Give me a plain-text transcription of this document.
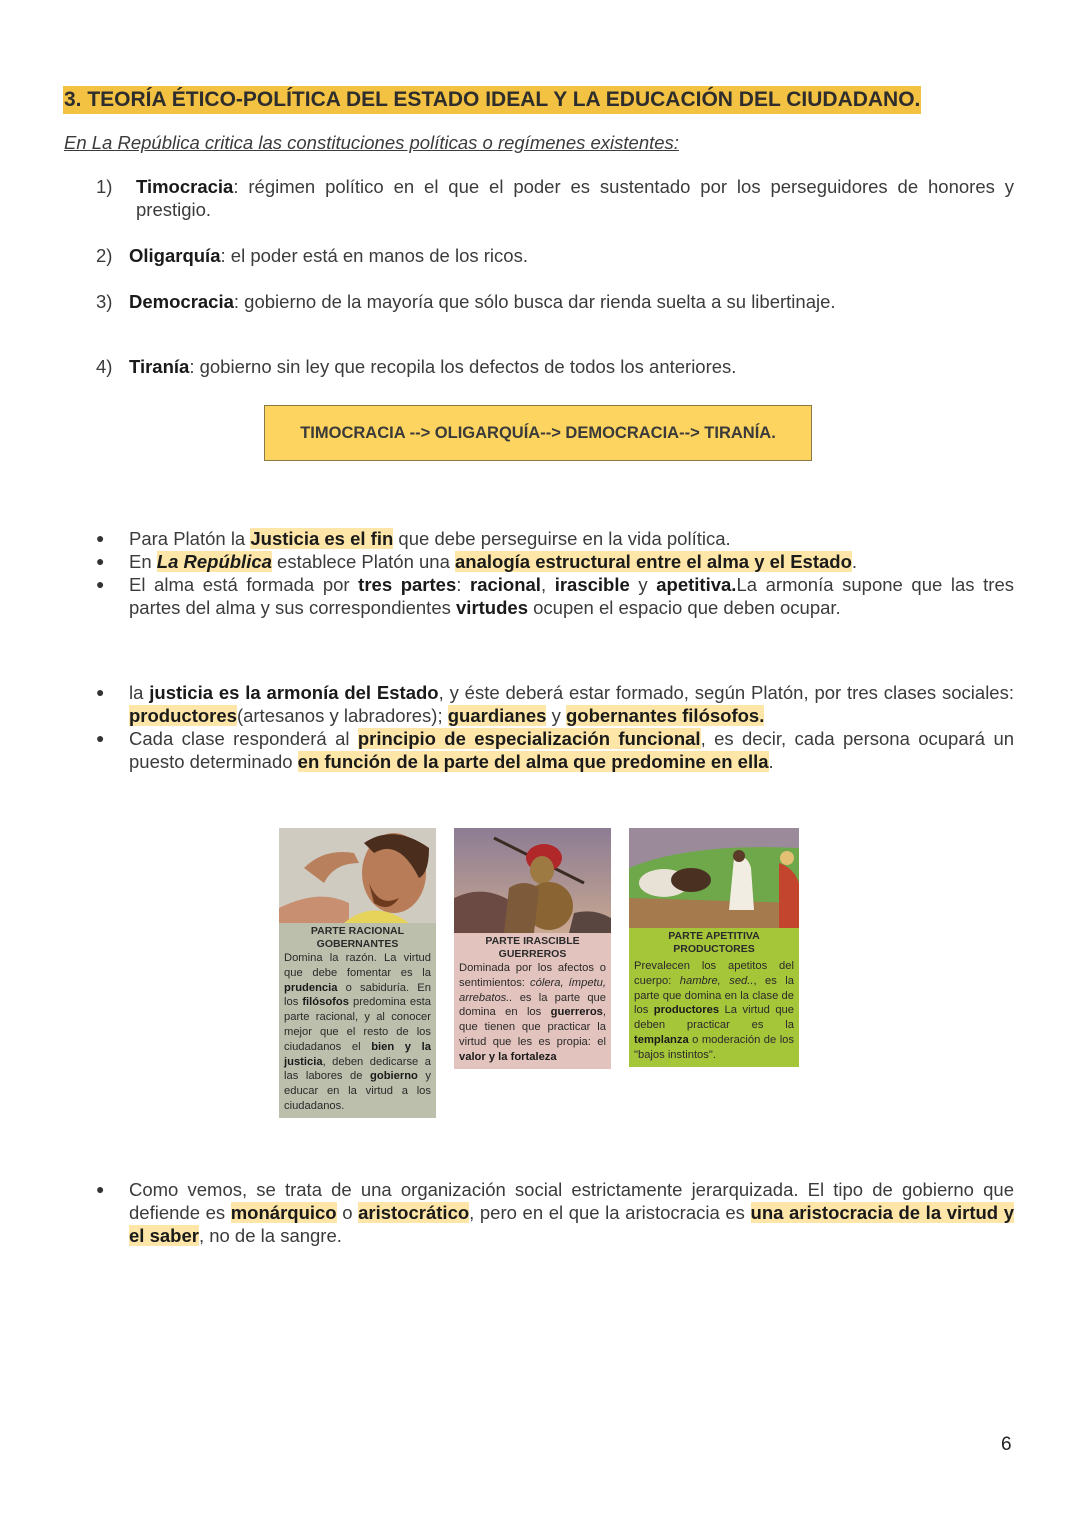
3. TEORÍA ÉTICO-POLÍTICA DEL ESTADO IDEAL Y LA EDUCACIÓN DEL CIUDADANO.
En La República critica las constituciones políticas o regímenes existentes:
1) Timocracia: régimen político en el que el poder es sustentado por los perseguidores de honores y prestigio.
2) Oligarquía: el poder está en manos de los ricos.
3) Democracia: gobierno de la mayoría que sólo busca dar rienda suelta a su libertinaje.
4) Tiranía: gobierno sin ley que recopila los defectos de todos los anteriores.
TIMOCRACIA --> OLIGARQUÍA--> DEMOCRACIA--> TIRANÍA.
● Para Platón la Justicia es el fin que debe perseguirse en la vida política.
● En La República establece Platón una analogía estructural entre el alma y el Estado.
● El alma está formada por tres partes: racional, irascible y apetitiva.La armonía supone que las tres partes del alma y sus correspondientes virtudes ocupen el espacio que deben ocupar.
● la justicia es la armonía del Estado, y éste deberá estar formado, según Platón, por tres clases sociales: productores(artesanos y labradores); guardianes y gobernantes filósofos.
● Cada clase responderá al principio de especialización funcional, es decir, cada persona ocupará un puesto determinado en función de la parte del alma que predomine en ella.
PARTE RACIONAL
GOBERNANTES
Domina la razón. La virtud que debe fomentar es la prudencia o sabiduría. En los filósofos predomina esta parte racional, y al conocer mejor que el resto de los ciudadanos el bien y la justicia, deben dedicarse a las labores de gobierno y educar en la virtud a los ciudadanos.
PARTE IRASCIBLE
GUERREROS
Dominada por los afectos o sentimientos: cólera, ímpetu, arrebatos.. es la parte que domina en los guerreros, que tienen que practicar la virtud que les es propia: el valor y la fortaleza
PARTE APETITIVA
PRODUCTORES
Prevalecen los apetitos del cuerpo: hambre, sed.., es la parte que domina en la clase de los productores La virtud que deben practicar es la templanza o moderación de los "bajos instintos".
● Como vemos, se trata de una organización social estrictamente jerarquizada. El tipo de gobierno que defiende es monárquico o aristocrático, pero en el que la aristocracia es una aristocracia de la virtud y el saber, no de la sangre.
6
